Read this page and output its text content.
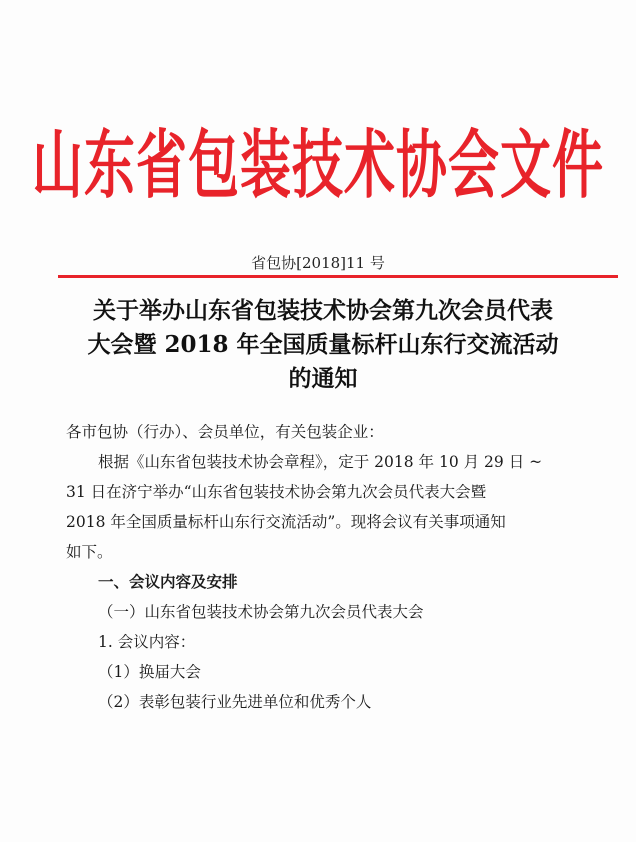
山东省包装技术协会文件
省包协[2018]11 号
关于举办山东省包装技术协会第九次会员代表
大会暨 2018 年全国质量标杆山东行交流活动
的通知
各市包协（行办）、会员单位，有关包装企业：
根据《山东省包装技术协会章程》，定于 2018 年 10 月 29 日 ~
31 日在济宁举办“山东省包装技术协会第九次会员代表大会暨
2018 年全国质量标杆山东行交流活动”。现将会议有关事项通知
如下。
一、会议内容及安排
（一）山东省包装技术协会第九次会员代表大会
1. 会议内容：
（1）换届大会
（2）表彰包装行业先进单位和优秀个人
